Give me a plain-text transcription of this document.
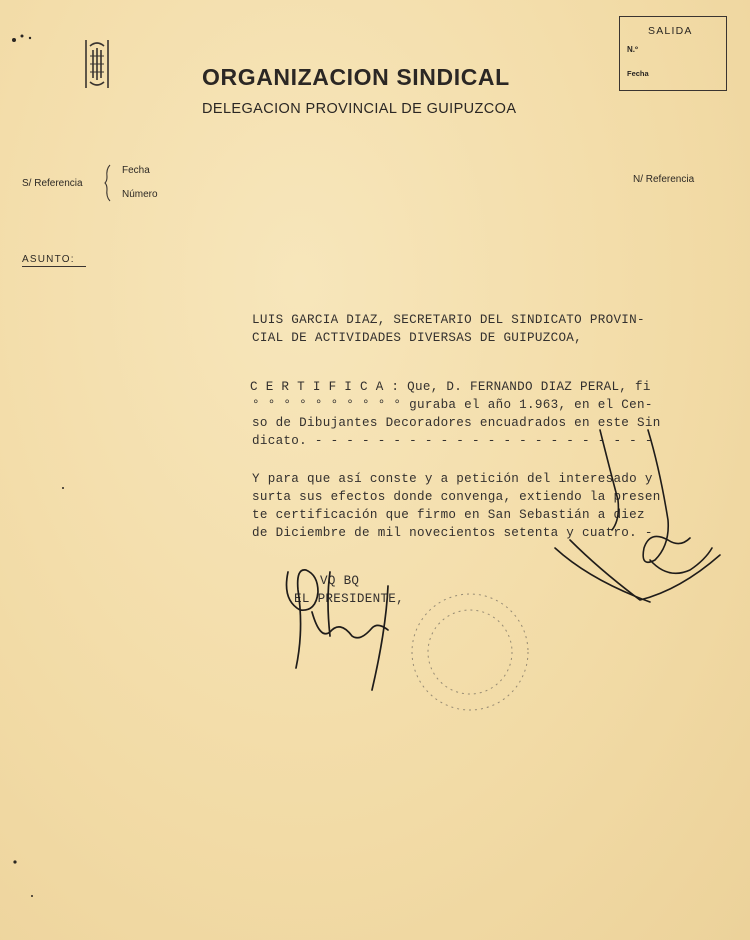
ORGANIZACION SINDICAL
DELEGACION PROVINCIAL DE GUIPUZCOA
SALIDA
N.º
Fecha
S/ Referencia
Fecha
Número
N/ Referencia
ASUNTO:
LUIS GARCIA DIAZ, SECRETARIO DEL SINDICATO PROVIN-
CIAL DE ACTIVIDADES DIVERSAS DE GUIPUZCOA,
C E R T I F I C A : Que, D. FERNANDO DIAZ PERAL, fi
° ° ° ° ° ° ° ° ° ° guraba el año 1.963, en el Cen-
so de Dibujantes Decoradores encuadrados en este Sin
dicato. - - - - - - - - - - - - - - - - - - - - - -
Y para que así conste y a petición del interesado y
surta sus efectos donde convenga, extiendo la presen
te certificación que firmo en San Sebastián a diez
de Diciembre de mil novecientos setenta y cuatro. -
VQ BQ
EL PRESIDENTE,
